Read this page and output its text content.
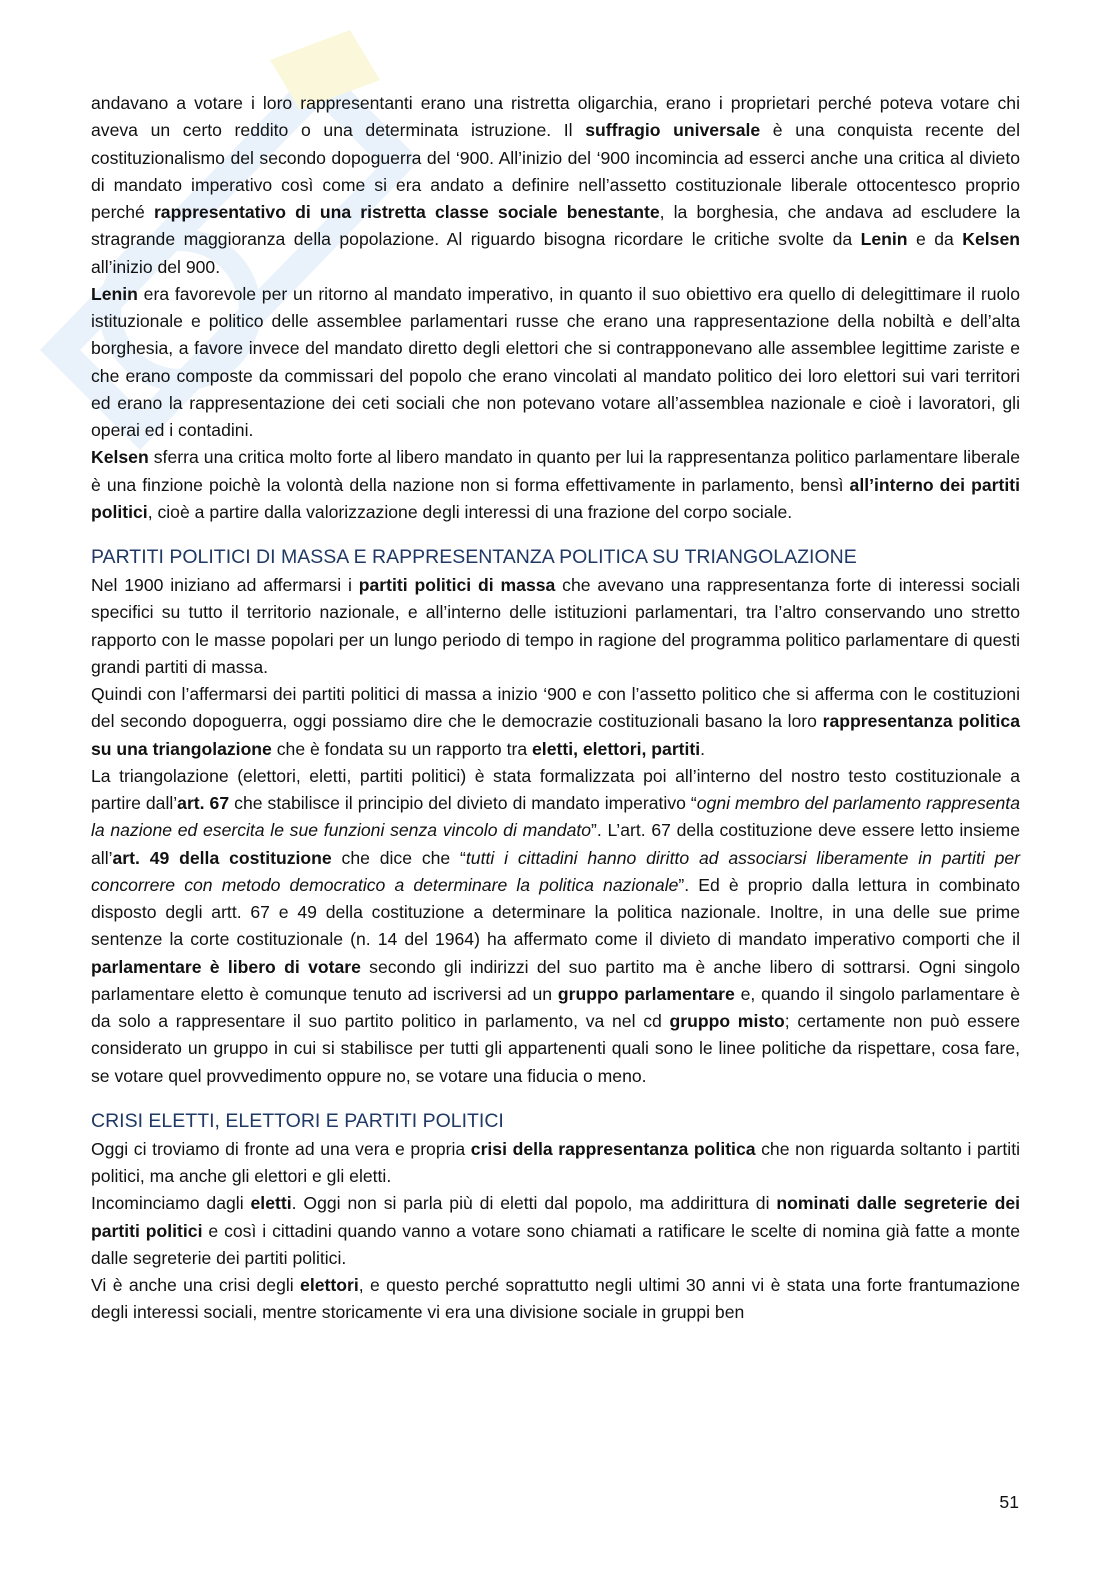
andavano a votare i loro rappresentanti erano una ristretta oligarchia, erano i proprietari perché poteva votare chi aveva un certo reddito o una determinata istruzione. Il suffragio universale è una conquista recente del costituzionalismo del secondo dopoguerra del ‘900. All’inizio del ‘900 incomincia ad esserci anche una critica al divieto di mandato imperativo così come si era andato a definire nell’assetto costituzionale liberale ottocentesco proprio perché rappresentativo di una ristretta classe sociale benestante, la borghesia, che andava ad escludere la stragrande maggioranza della popolazione. Al riguardo bisogna ricordare le critiche svolte da Lenin e da Kelsen all’inizio del 900.

Lenin era favorevole per un ritorno al mandato imperativo, in quanto il suo obiettivo era quello di delegittimare il ruolo istituzionale e politico delle assemblee parlamentari russe che erano una rappresentazione della nobiltà e dell’alta borghesia, a favore invece del mandato diretto degli elettori che si contrapponevano alle assemblee legittime zariste e che erano composte da commissari del popolo che erano vincolati al mandato politico dei loro elettori sui vari territori ed erano la rappresentazione dei ceti sociali che non potevano votare all’assemblea nazionale e cioè i lavoratori, gli operai ed i contadini.

Kelsen sferra una critica molto forte al libero mandato in quanto per lui la rappresentanza politico parlamentare liberale è una finzione poichè la volontà della nazione non si forma effettivamente in parlamento, bensì all’interno dei partiti politici, cioè a partire dalla valorizzazione degli interessi di una frazione del corpo sociale.

PARTITI POLITICI DI MASSA E RAPPRESENTANZA POLITICA SU TRIANGOLAZIONE

Nel 1900 iniziano ad affermarsi i partiti politici di massa che avevano una rappresentanza forte di interessi sociali specifici su tutto il territorio nazionale, e all’interno delle istituzioni parlamentari, tra l’altro conservando uno stretto rapporto con le masse popolari per un lungo periodo di tempo in ragione del programma politico parlamentare di questi grandi partiti di massa.

Quindi con l’affermarsi dei partiti politici di massa a inizio ‘900 e con l’assetto politico che si afferma con le costituzioni del secondo dopoguerra, oggi possiamo dire che le democrazie costituzionali basano la loro rappresentanza politica su una triangolazione che è fondata su un rapporto tra eletti, elettori, partiti.

La triangolazione (elettori, eletti, partiti politici) è stata formalizzata poi all’interno del nostro testo costituzionale a partire dall’art. 67 che stabilisce il principio del divieto di mandato imperativo “ogni membro del parlamento rappresenta la nazione ed esercita le sue funzioni senza vincolo di mandato”. L’art. 67 della costituzione deve essere letto insieme all’art. 49 della costituzione che dice che “tutti i cittadini hanno diritto ad associarsi liberamente in partiti per concorrere con metodo democratico a determinare la politica nazionale”. Ed è proprio dalla lettura in combinato disposto degli artt. 67 e 49 della costituzione a determinare la politica nazionale. Inoltre, in una delle sue prime sentenze la corte costituzionale (n. 14 del 1964) ha affermato come il divieto di mandato imperativo comporti che il parlamentare è libero di votare secondo gli indirizzi del suo partito ma è anche libero di sottrarsi. Ogni singolo parlamentare eletto è comunque tenuto ad iscriversi ad un gruppo parlamentare e, quando il singolo parlamentare è da solo a rappresentare il suo partito politico in parlamento, va nel cd gruppo misto; certamente non può essere considerato un gruppo in cui si stabilisce per tutti gli appartenenti quali sono le linee politiche da rispettare, cosa fare, se votare quel provvedimento oppure no, se votare una fiducia o meno.

CRISI ELETTI, ELETTORI E PARTITI POLITICI

Oggi ci troviamo di fronte ad una vera e propria crisi della rappresentanza politica che non riguarda soltanto i partiti politici, ma anche gli elettori e gli eletti.

Incominciamo dagli eletti. Oggi non si parla più di eletti dal popolo, ma addirittura di nominati dalle segreterie dei partiti politici e così i cittadini quando vanno a votare sono chiamati a ratificare le scelte di nomina già fatte a monte dalle segreterie dei partiti politici.

Vi è anche una crisi degli elettori, e questo perché soprattutto negli ultimi 30 anni vi è stata una forte frantumazione degli interessi sociali, mentre storicamente vi era una divisione sociale in gruppi ben

51
